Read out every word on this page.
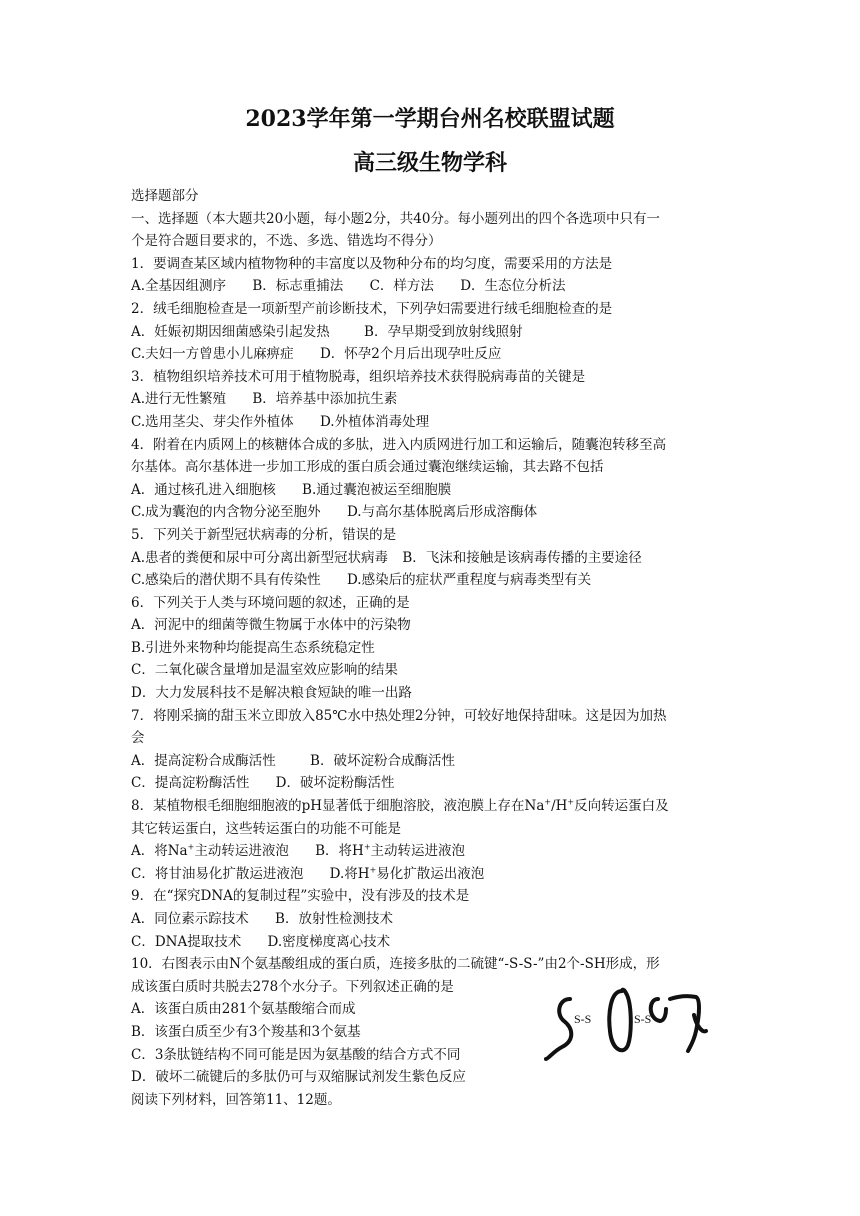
2023学年第一学期台州名校联盟试题
高三级生物学科
选择题部分
一、选择题（本大题共20小题，每小题2分，共40分。每小题列出的四个各选项中只有一
个是符合题目要求的，不选、多选、错选均不得分）
1．要调查某区域内植物物种的丰富度以及物种分布的均匀度，需要采用的方法是
A.全基因组测序 B．标志重捕法 C．样方法 D．生态位分析法
2．绒毛细胞检查是一项新型产前诊断技术，下列孕妇需要进行绒毛细胞检查的是
A．妊娠初期因细菌感染引起发热	B．孕早期受到放射线照射
C.夫妇一方曾患小儿麻痹症 D．怀孕2个月后出现孕吐反应
3．植物组织培养技术可用于植物脱毒，组织培养技术获得脱病毒苗的关键是
A.进行无性繁殖 B．培养基中添加抗生素
C.选用茎尖、芽尖作外植体 D.外植体消毒处理
4．附着在内质网上的核糖体合成的多肽，进入内质网进行加工和运输后，随囊泡转移至高
尔基体。高尔基体进一步加工形成的蛋白质会通过囊泡继续运输，其去路不包括
A．通过核孔进入细胞核 B.通过囊泡被运至细胞膜
C.成为囊泡的内含物分泌至胞外 D.与高尔基体脱离后形成溶酶体
5．下列关于新型冠状病毒的分析，错误的是
A.患者的粪便和尿中可分离出新型冠状病毒 B．飞沫和接触是该病毒传播的主要途径
C.感染后的潜伏期不具有传染性 D.感染后的症状严重程度与病毒类型有关
6．下列关于人类与环境问题的叙述，正确的是
A．河泥中的细菌等微生物属于水体中的污染物
B.引进外来物种均能提高生态系统稳定性
C．二氧化碳含量增加是温室效应影响的结果
D．大力发展科技不是解决粮食短缺的唯一出路
7．将刚采摘的甜玉米立即放入85℃水中热处理2分钟，可较好地保持甜味。这是因为加热
会
A．提高淀粉合成酶活性	B．破坏淀粉合成酶活性
C．提高淀粉酶活性 D．破坏淀粉酶活性
8．某植物根毛细胞细胞液的pH显著低于细胞溶胶，液泡膜上存在Na+/H+反向转运蛋白及
其它转运蛋白，这些转运蛋白的功能不可能是
A．将Na+主动转运进液泡 B．将H+主动转运进液泡
C．将甘油易化扩散运进液泡 D.将H+易化扩散运出液泡
9．在“探究DNA的复制过程”实验中，没有涉及的技术是
A．同位素示踪技术 B．放射性检测技术
C．DNA提取技术 D.密度梯度离心技术
10．右图表示由N个氨基酸组成的蛋白质，连接多肽的二硫键“-S-S-”由2个-SH形成，形
成该蛋白质时共脱去278个水分子。下列叙述正确的是
A．该蛋白质由281个氨基酸缩合而成
B．该蛋白质至少有3个羧基和3个氨基
C．3条肽链结构不同可能是因为氨基酸的结合方式不同
D．破坏二硫键后的多肽仍可与双缩脲试剂发生紫色反应
阅读下列材料，回答第11、12题。
S-S	S-S
